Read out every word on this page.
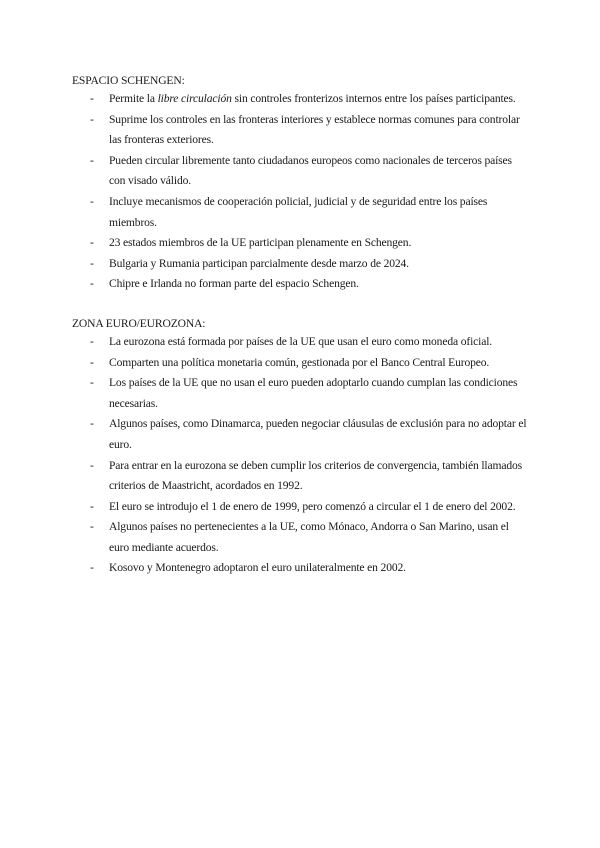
ESPACIO SCHENGEN:
- Permite la libre circulación sin controles fronterizos internos entre los países participantes.
- Suprime los controles en las fronteras interiores y establece normas comunes para controlar las fronteras exteriores.
- Pueden circular libremente tanto ciudadanos europeos como nacionales de terceros países con visado válido.
- Incluye mecanismos de cooperación policial, judicial y de seguridad entre los países miembros.
- 23 estados miembros de la UE participan plenamente en Schengen.
- Bulgaria y Rumania participan parcialmente desde marzo de 2024.
- Chipre e Irlanda no forman parte del espacio Schengen.
ZONA EURO/EUROZONA:
- La eurozona está formada por países de la UE que usan el euro como moneda oficial.
- Comparten una política monetaria común, gestionada por el Banco Central Europeo.
- Los países de la UE que no usan el euro pueden adoptarlo cuando cumplan las condiciones necesarias.
- Algunos países, como Dinamarca, pueden negociar cláusulas de exclusión para no adoptar el euro.
- Para entrar en la eurozona se deben cumplir los criterios de convergencia, también llamados criterios de Maastricht, acordados en 1992.
- El euro se introdujo el 1 de enero de 1999, pero comenzó a circular el 1 de enero del 2002.
- Algunos países no pertenecientes a la UE, como Mónaco, Andorra o San Marino, usan el euro mediante acuerdos.
- Kosovo y Montenegro adoptaron el euro unilateralmente en 2002.
